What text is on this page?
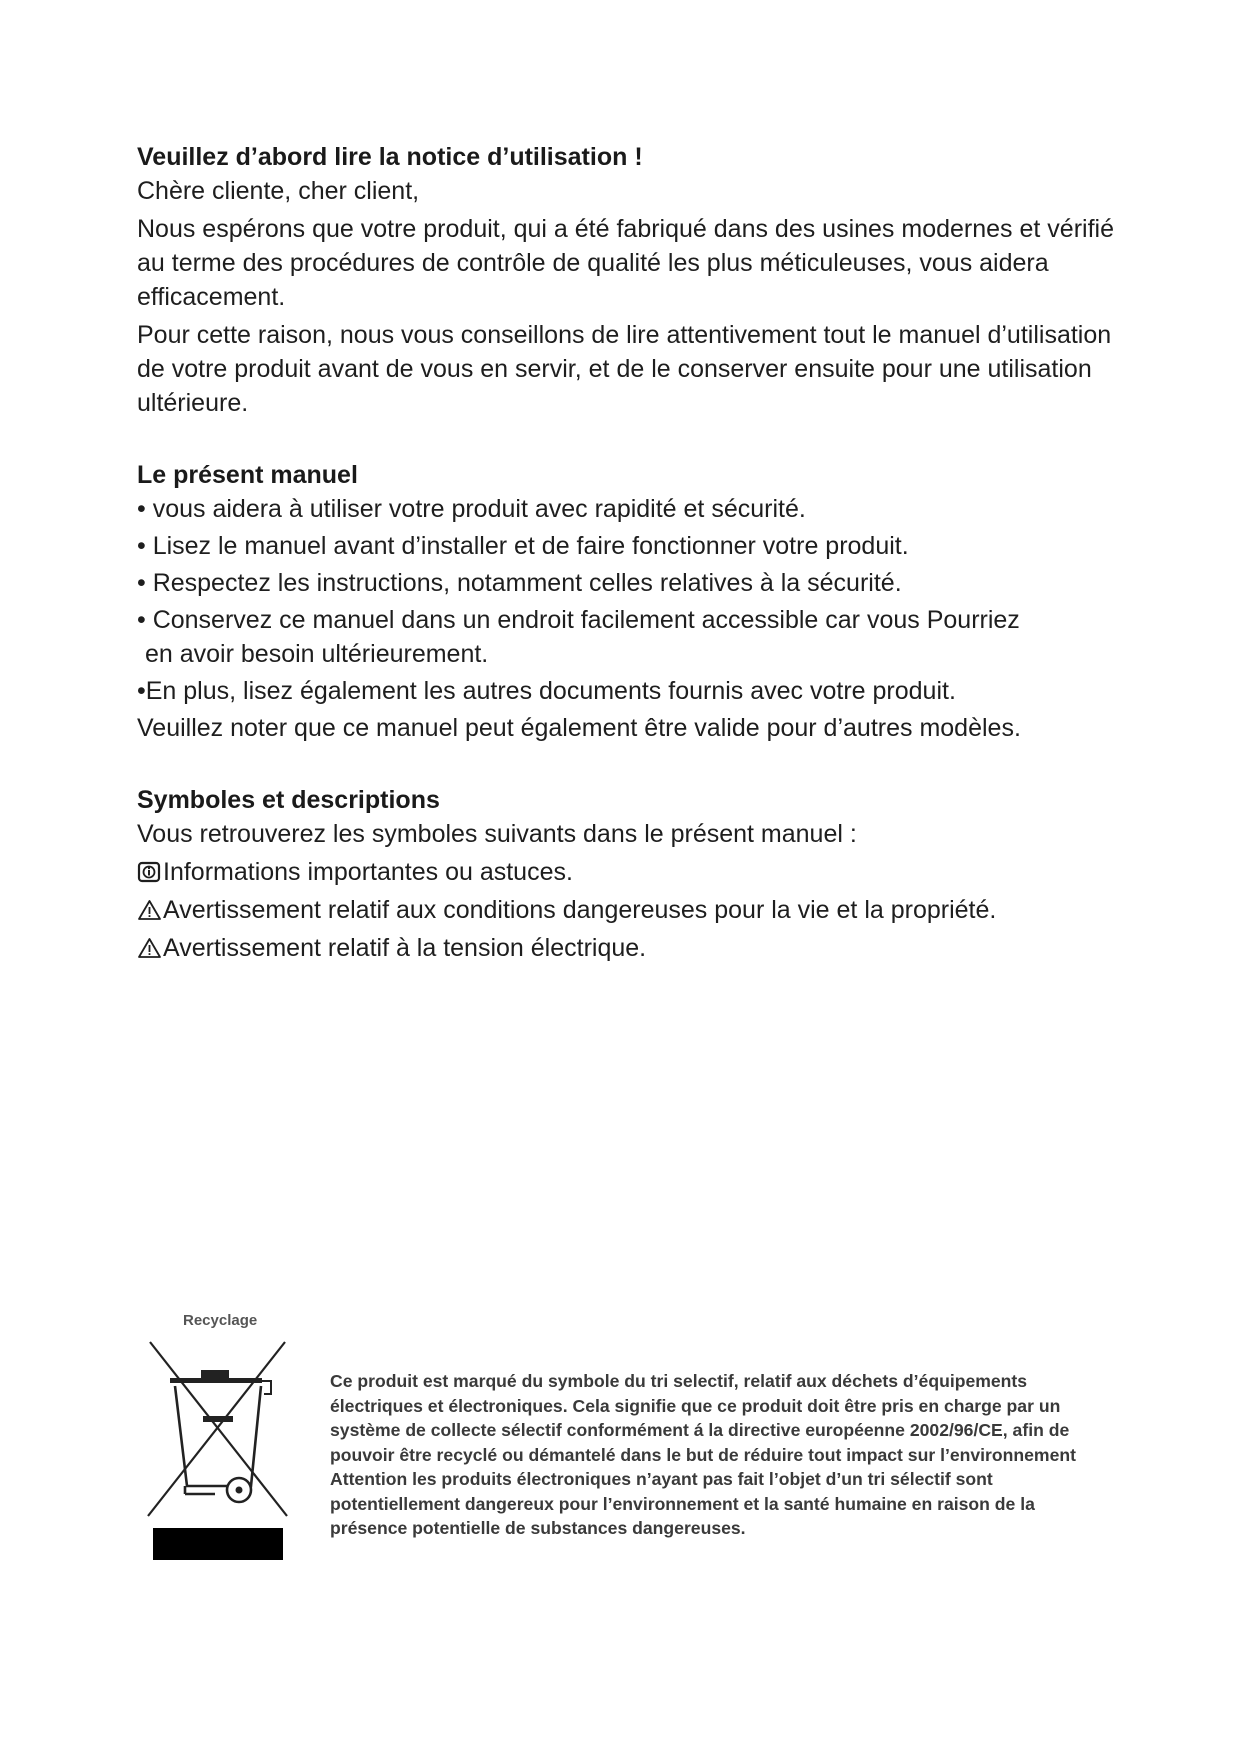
Veuillez d’abord lire la notice d’utilisation !

Chère cliente, cher client,

Nous espérons que votre produit, qui a été fabriqué dans des usines modernes et vérifié au terme des procédures de contrôle de qualité les plus méticuleuses, vous aidera efficacement.

Pour cette raison, nous vous conseillons de lire attentivement tout le manuel d’utilisation de votre produit avant de vous en servir, et de le conserver ensuite pour une utilisation ultérieure.

Le présent manuel

• vous aidera à utiliser votre produit avec rapidité et sécurité.
• Lisez le manuel avant d’installer et de faire fonctionner votre produit.
• Respectez les instructions, notamment celles relatives à la sécurité.
• Conservez ce manuel dans un endroit facilement accessible car vous Pourriez
en avoir besoin ultérieurement.
•En plus, lisez également les autres documents fournis avec votre produit.

Veuillez noter que ce manuel peut également être valide pour d’autres modèles.

Symboles et descriptions

Vous retrouverez les symboles suivants dans le présent manuel :

Informations importantes ou astuces.
Avertissement relatif aux conditions dangereuses pour la vie et la propriété.
Avertissement relatif à la tension électrique.
Recyclage
Ce produit est marqué du symbole du tri selectif, relatif aux déchets d’équipements électriques et électroniques. Cela signifie que ce produit doit être pris en charge par un système de collecte sélectif conformément á la directive européenne 2002/96/CE, afin de pouvoir être recyclé ou démantelé dans le but de réduire tout impact sur l’environnement Attention les produits électroniques n’ayant pas fait l’objet d’un tri sélectif sont potentiellement dangereux pour l’environnement et la santé humaine en raison de la présence potentielle de substances dangereuses.
